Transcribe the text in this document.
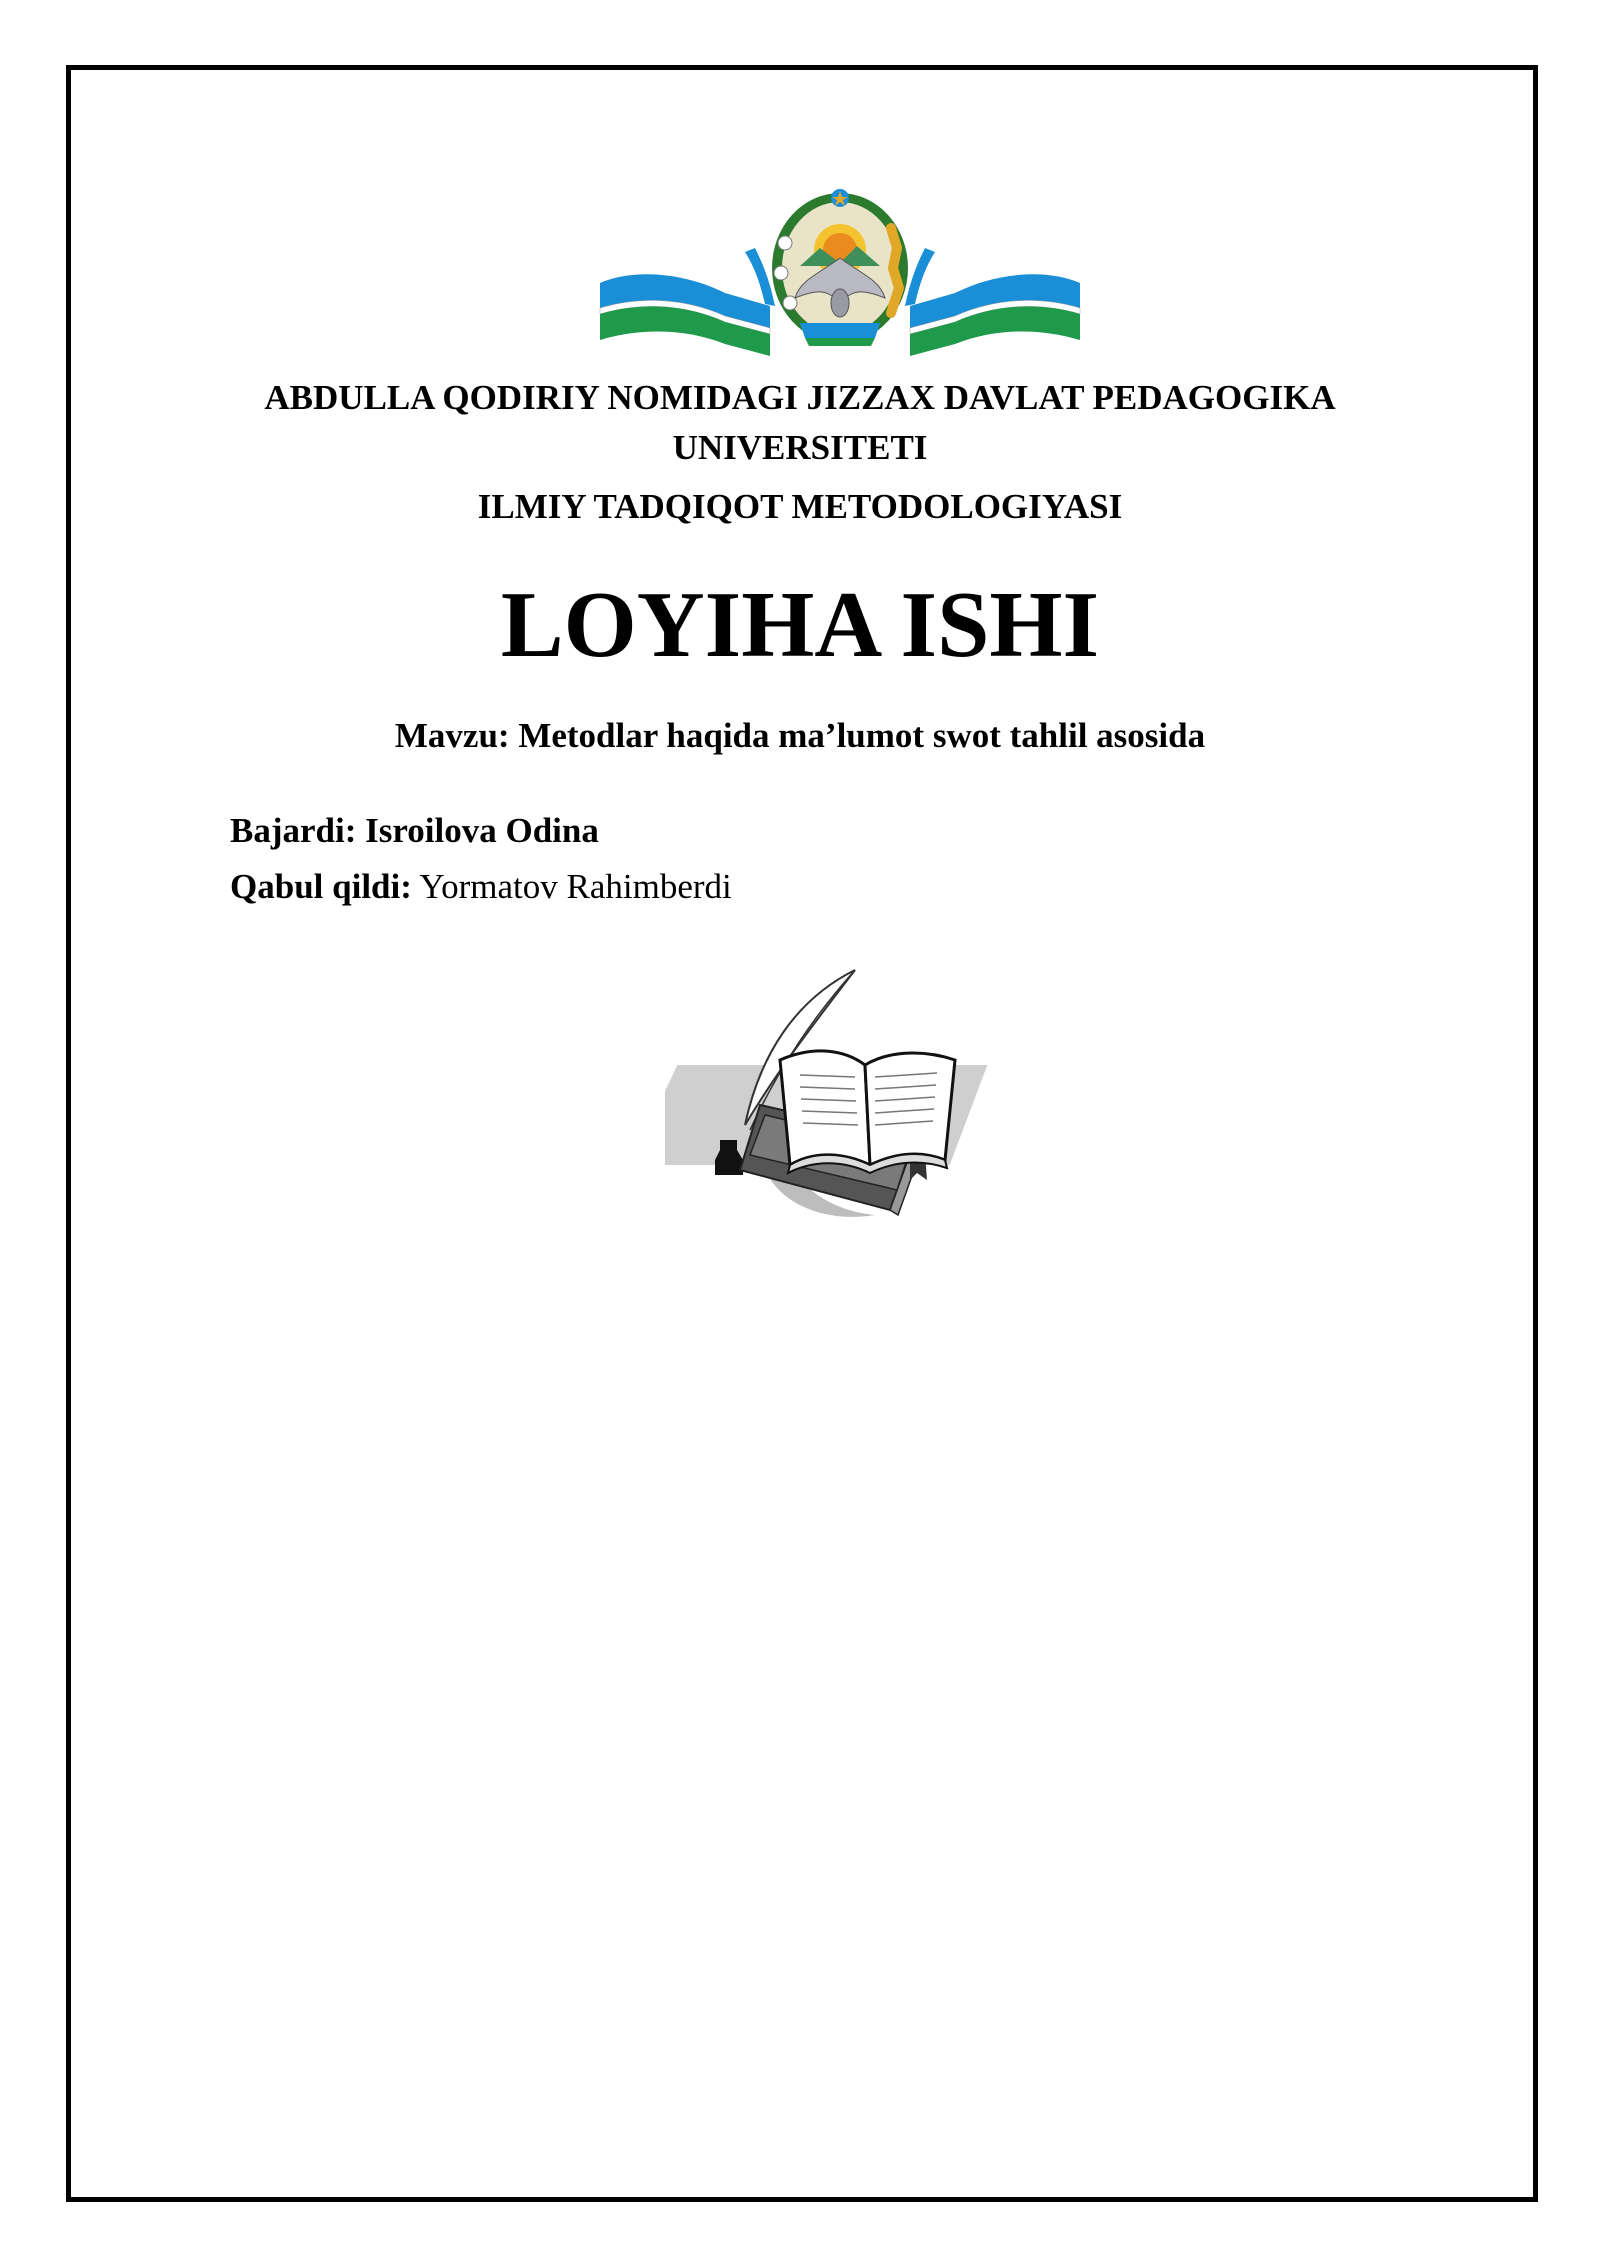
ABDULLA QODIRIY NOMIDAGI JIZZAX DAVLAT PEDAGOGIKA
UNIVERSITETI
ILMIY TADQIQOT METODOLOGIYASI
LOYIHA ISHI
Mavzu: Metodlar haqida ma’lumot swot tahlil asosida
Bajardi: Isroilova Odina
Qabul qildi: Yormatov Rahimberdi
